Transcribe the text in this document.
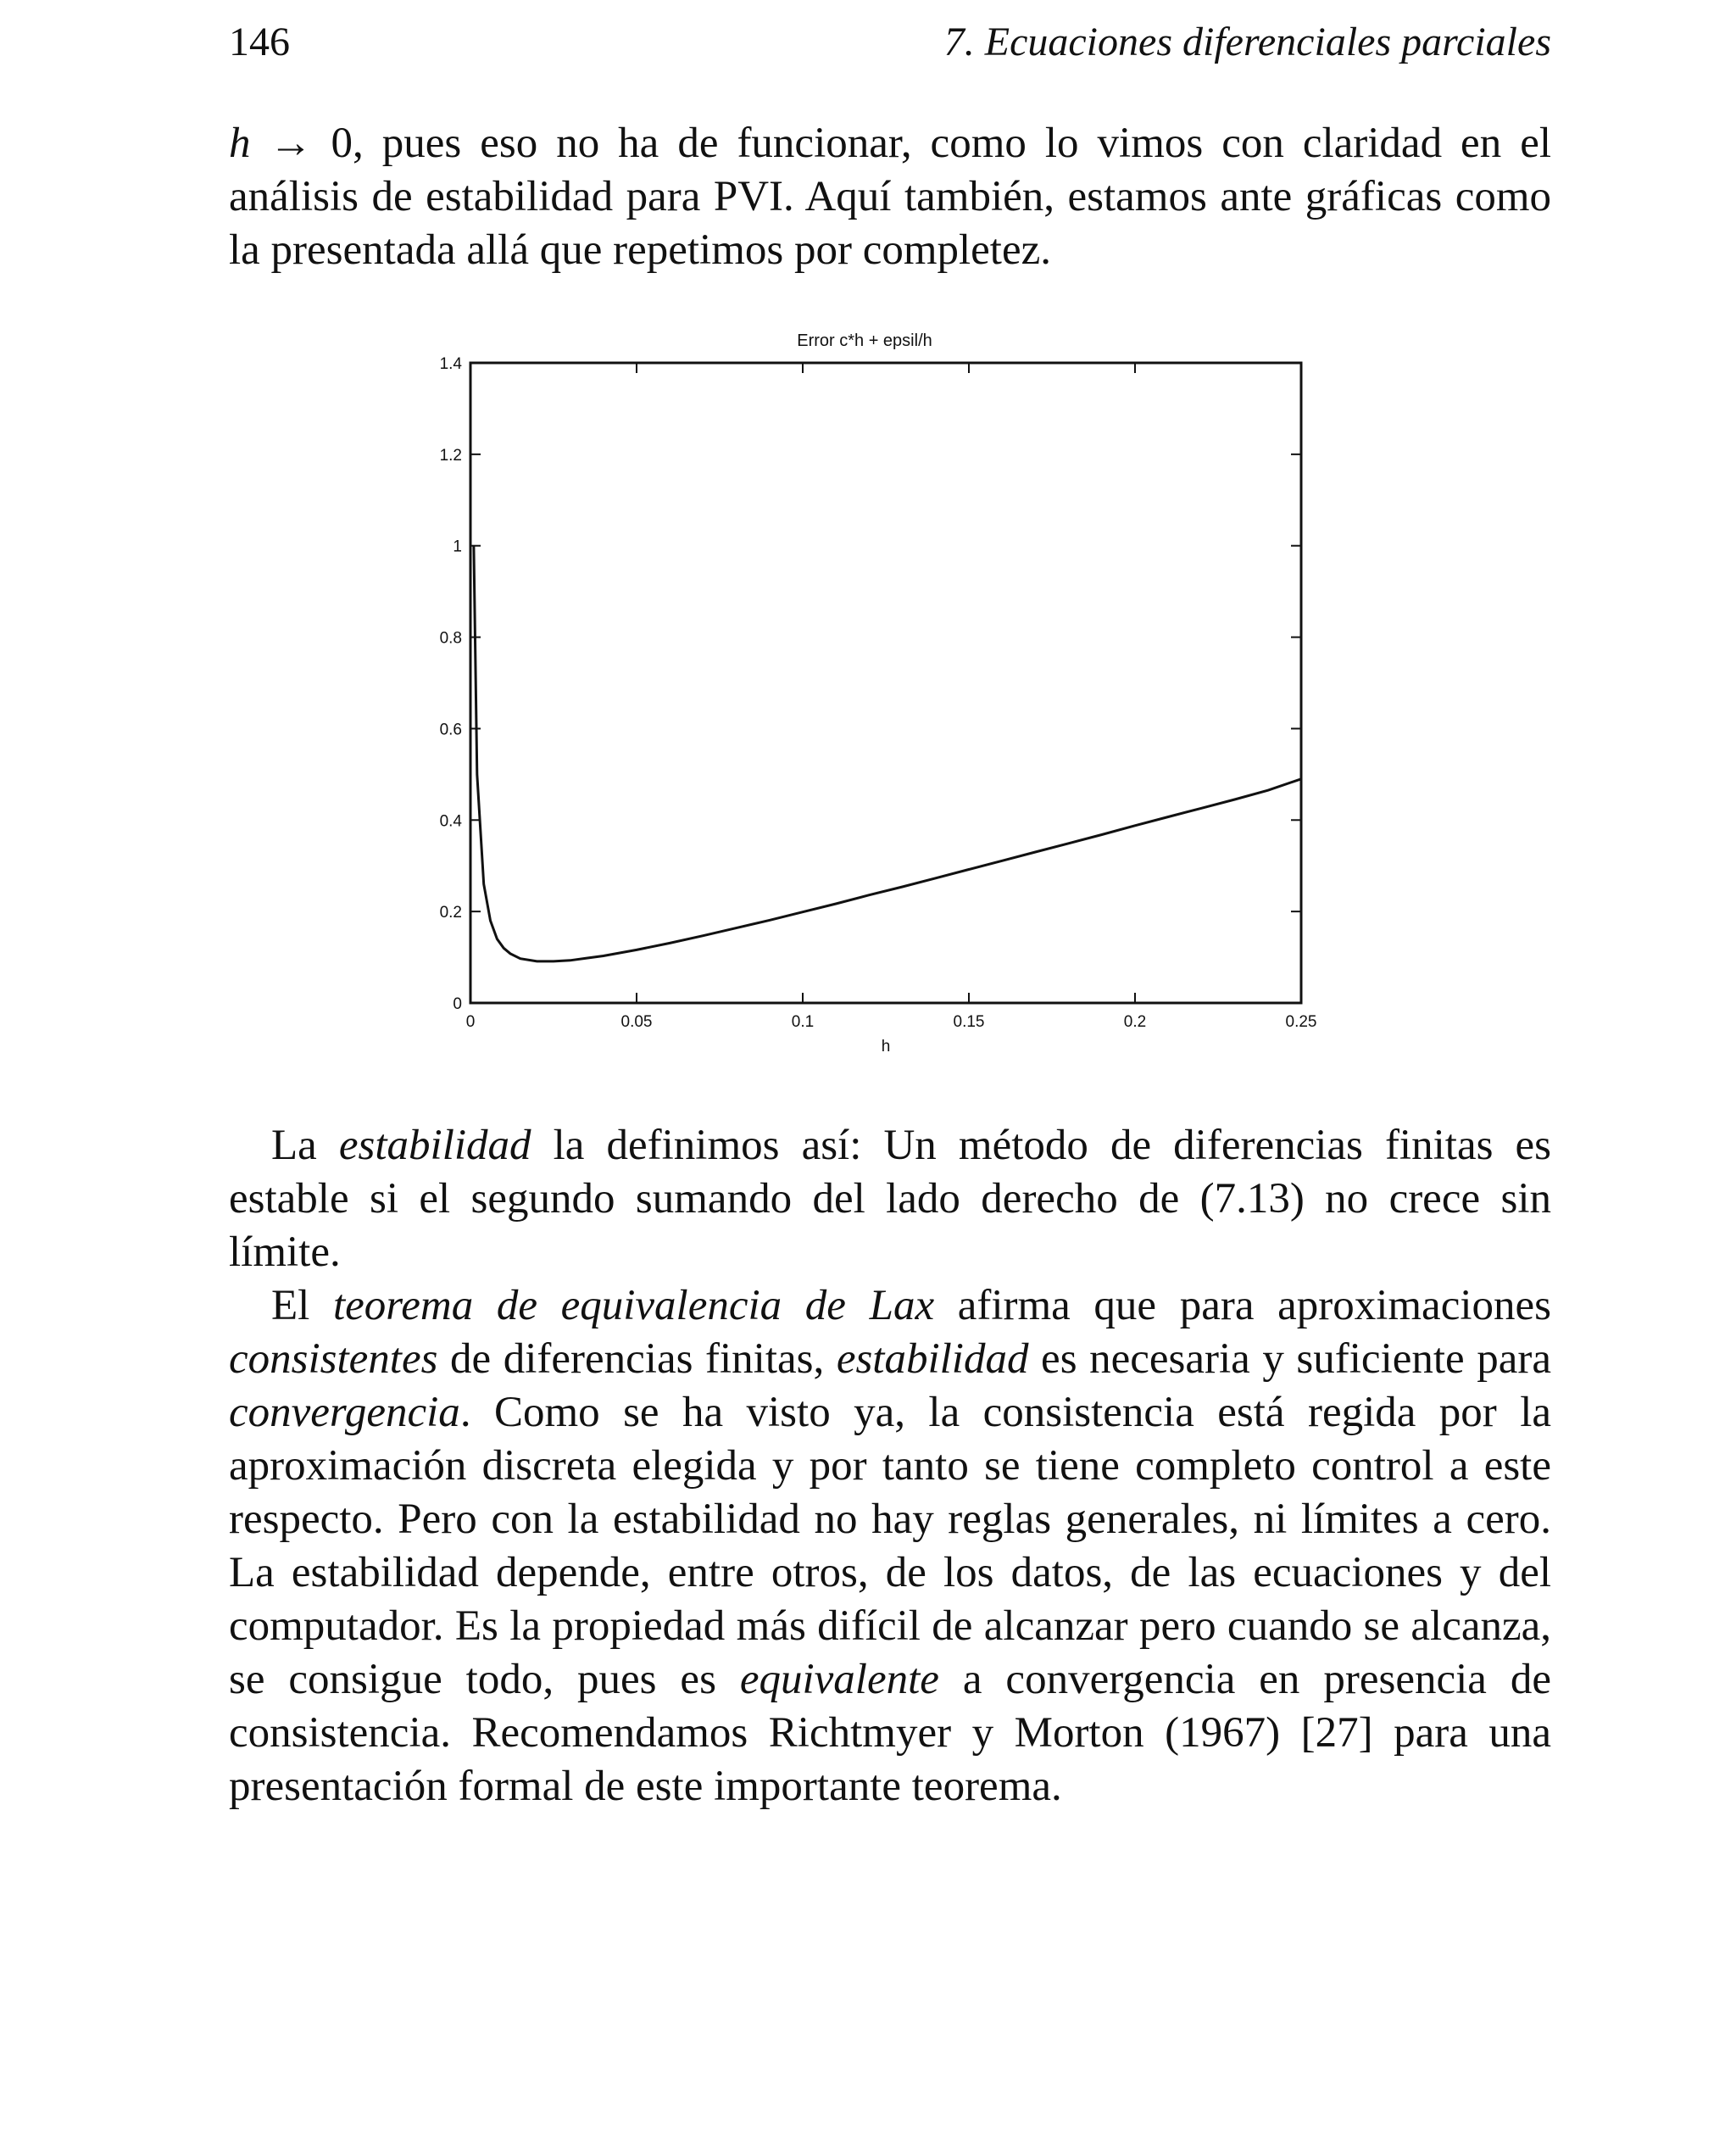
146	7. Ecuaciones diferenciales parciales

h → 0, pues eso no ha de funcionar, como lo vimos con claridad en el análisis de estabilidad para PVI. Aquí también, estamos ante gráficas como la presentada allá que repetimos por completez.

Error c*h + epsil/h
h
0	0.05	0.1	0.15	0.2	0.25
0
0.2
0.4
0.6
0.8
1
1.2
1.4

La estabilidad la definimos así: Un método de diferencias finitas es estable si el segundo sumando del lado derecho de (7.13) no crece sin límite.

El teorema de equivalencia de Lax afirma que para aproximaciones consistentes de diferencias finitas, estabilidad es necesaria y suficiente para convergencia. Como se ha visto ya, la consistencia está regida por la aproximación discreta elegida y por tanto se tiene completo control a este respecto. Pero con la estabilidad no hay reglas generales, ni límites a cero. La estabilidad depende, entre otros, de los datos, de las ecuaciones y del computador. Es la propiedad más difícil de alcanzar pero cuando se alcanza, se consigue todo, pues es equivalente a convergencia en presencia de consistencia. Recomendamos Richtmyer y Morton (1967) [27] para una presentación formal de este importante teorema.
